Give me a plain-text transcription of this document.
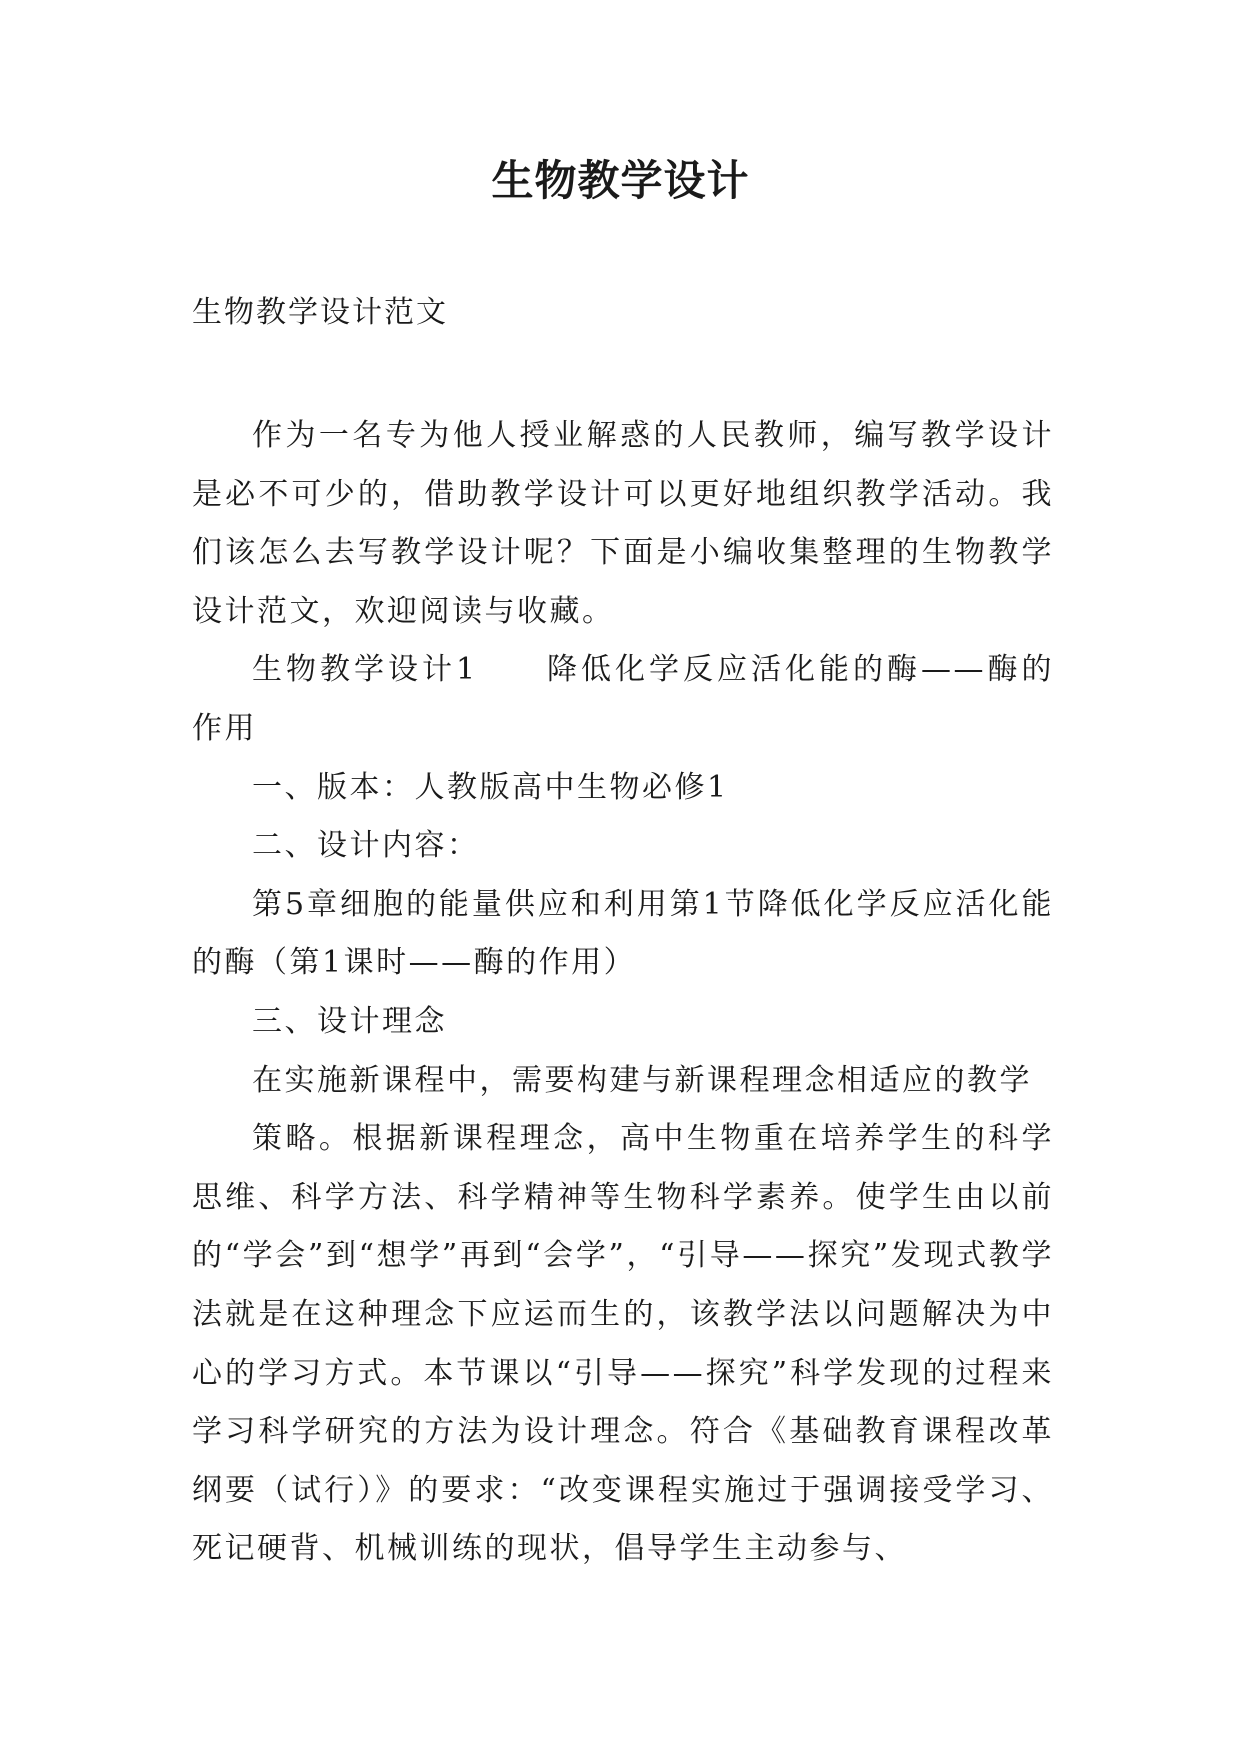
生物教学设计
生物教学设计范文

作为一名专为他人授业解惑的人民教师，编写教学设计是必不可少的，借助教学设计可以更好地组织教学活动。我们该怎么去写教学设计呢？下面是小编收集整理的生物教学设计范文，欢迎阅读与收藏。

生物教学设计1 降低化学反应活化能的酶——酶的作用

一、版本：人教版高中生物必修1

二、设计内容：

第5章细胞的能量供应和利用第1节降低化学反应活化能的酶（第1课时——酶的作用）

三、设计理念

在实施新课程中，需要构建与新课程理念相适应的教学

策略。根据新课程理念，高中生物重在培养学生的科学思维、科学方法、科学精神等生物科学素养。使学生由以前的“学会”到“想学”再到“会学”，“引导——探究”发现式教学法就是在这种理念下应运而生的，该教学法以问题解决为中心的学习方式。本节课以“引导——探究”科学发现的过程来学习科学研究的方法为设计理念。符合《基础教育课程改革纲要（试行）》的要求：“改变课程实施过于强调接受学习、死记硬背、机械训练的现状，倡导学生主动参与、
